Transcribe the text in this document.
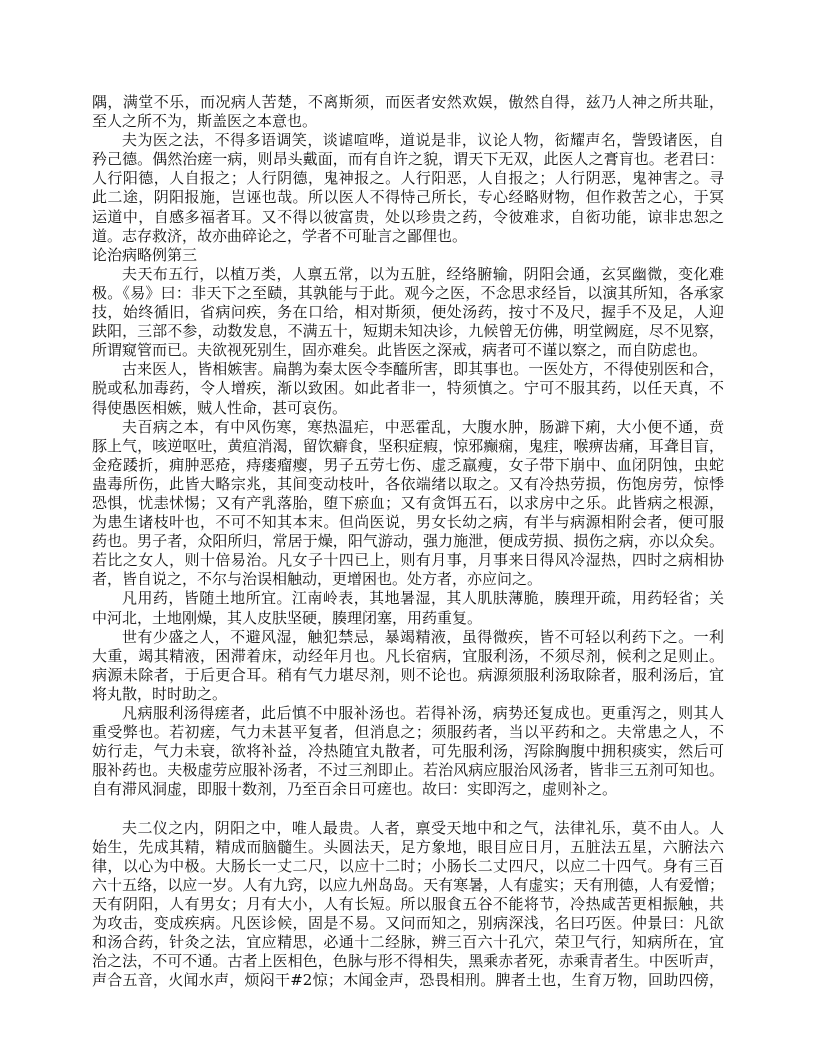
隅，满堂不乐，而况病人苦楚，不离斯须，而医者安然欢娱，傲然自得，兹乃人神之所共耻，
至人之所不为，斯盖医之本意也。
夫为医之法，不得多语调笑，谈谑喧哗，道说是非，议论人物，衒耀声名，訾毁诸医，自
矜己德。偶然治瘥一病，则昂头戴面，而有自许之貌，谓天下无双，此医人之膏肓也。老君曰：
人行阳德，人自报之；人行阴德，鬼神报之。人行阳恶，人自报之；人行阴恶，鬼神害之。寻
此二途，阴阳报施，岂诬也哉。所以医人不得恃己所长，专心经略财物，但作救苦之心，于冥
运道中，自感多福者耳。又不得以彼富贵，处以珍贵之药，令彼难求，自衒功能，谅非忠恕之
道。志存救济，故亦曲碎论之，学者不可耻言之鄙俚也。
论治病略例第三
夫天布五行，以植万类，人禀五常，以为五脏，经络腑输，阴阳会通，玄冥幽微，变化难
极。《易》曰：非天下之至赜，其孰能与于此。观今之医，不念思求经旨，以演其所知，各承家
技，始终循旧，省病问疾，务在口给，相对斯须，便处汤药，按寸不及尺，握手不及足，人迎
趺阳，三部不参，动数发息，不满五十，短期未知决诊，九候曾无仿佛，明堂阙庭，尽不见察，
所谓窥管而已。夫欲视死别生，固亦难矣。此皆医之深戒，病者可不谨以察之，而自防虑也。
古来医人，皆相嫉害。扁鹊为秦太医令李醯所害，即其事也。一医处方，不得使别医和合，
脱或私加毒药，令人增疾，渐以致困。如此者非一，特须慎之。宁可不服其药，以任天真，不
得使愚医相嫉，贼人性命，甚可哀伤。
夫百病之本，有中风伤寒，寒热温疟，中恶霍乱，大腹水肿，肠澼下痢，大小便不通，贲
豚上气，咳逆呕吐，黄疸消渴，留饮癖食，坚积症瘕，惊邪癫痫，鬼疰，喉痹齿痛，耳聋目盲，
金疮踒折，痈肿恶疮，痔瘘瘤瘿，男子五劳七伤、虚乏羸瘦，女子带下崩中、血闭阴蚀，虫蛇
蛊毒所伤，此皆大略宗兆，其间变动枝叶，各依端绪以取之。又有冷热劳损，伤饱房劳，惊悸
恐惧，忧恚怵惕；又有产乳落胎，堕下瘀血；又有贪饵五石，以求房中之乐。此皆病之根源，
为患生诸枝叶也，不可不知其本末。但尚医说，男女长幼之病，有半与病源相附会者，便可服
药也。男子者，众阳所归，常居于燥，阳气游动，强力施泄，便成劳损、损伤之病，亦以众矣。
若比之女人，则十倍易治。凡女子十四已上，则有月事，月事来日得风冷湿热，四时之病相协
者，皆自说之，不尔与治误相触动，更增困也。处方者，亦应问之。
凡用药，皆随土地所宜。江南岭表，其地暑湿，其人肌肤薄脆，腠理开疏，用药轻省；关
中河北，土地刚燥，其人皮肤坚硬，腠理闭塞，用药重复。
世有少盛之人，不避风湿，触犯禁忌，暴竭精液，虽得微疾，皆不可轻以利药下之。一利
大重，竭其精液，困滞着床，动经年月也。凡长宿病，宜服利汤，不须尽剂，候利之足则止。
病源未除者，于后更合耳。稍有气力堪尽剂，则不论也。病源须服利汤取除者，服利汤后，宜
将丸散，时时助之。
凡病服利汤得瘥者，此后慎不中服补汤也。若得补汤，病势还复成也。更重泻之，则其人
重受弊也。若初瘥，气力未甚平复者，但消息之；须服药者，当以平药和之。夫常患之人，不
妨行走，气力未衰，欲将补益，冷热随宜丸散者，可先服利汤，泻除胸腹中拥积痰实，然后可
服补药也。夫极虚劳应服补汤者，不过三剂即止。若治风病应服治风汤者，皆非三五剂可知也。
自有滞风洞虚，即服十数剂，乃至百余日可瘥也。故曰：实即泻之，虚则补之。
夫二仪之内，阴阳之中，唯人最贵。人者，禀受天地中和之气，法律礼乐，莫不由人。人
始生，先成其精，精成而脑髓生。头圆法天，足方象地，眼目应日月，五脏法五星，六腑法六
律，以心为中极。大肠长一丈二尺，以应十二时；小肠长二丈四尺，以应二十四气。身有三百
六十五络，以应一岁。人有九窍，以应九州岛岛。天有寒暑，人有虚实；天有刑德，人有爱憎；
天有阴阳，人有男女；月有大小，人有长短。所以服食五谷不能将节，冷热咸苦更相振触，共
为攻击，变成疾病。凡医诊候，固是不易。又问而知之，别病深浅，名曰巧医。仲景曰：凡欲
和汤合药，针灸之法，宜应精思，必通十二经脉，辨三百六十孔穴，荣卫气行，知病所在，宜
治之法，不可不通。古者上医相色，色脉与形不得相失，黑乘赤者死，赤乘青者生。中医听声，
声合五音，火闻水声，烦闷干#2惊；木闻金声，恐畏相刑。脾者土也，生育万物，回助四傍，
